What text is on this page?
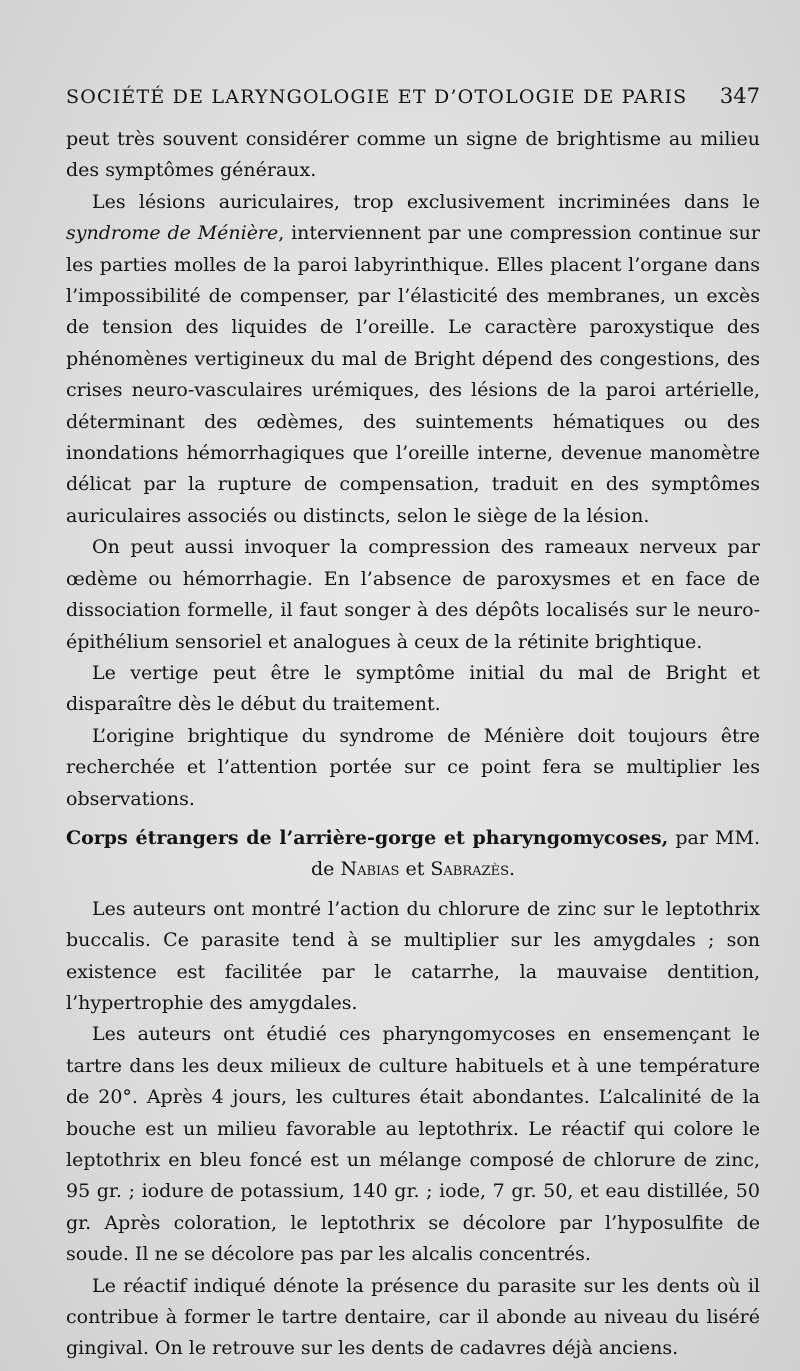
SOCIÉTÉ DE LARYNGOLOGIE ET D’OTOLOGIE DE PARIS 347

peut très souvent considérer comme un signe de brightisme au milieu des symptômes généraux.

Les lésions auriculaires, trop exclusivement incriminées dans le syndrome de Ménière, interviennent par une compression continue sur les parties molles de la paroi labyrinthique. Elles placent l’organe dans l’impossibilité de compenser, par l’élasticité des membranes, un excès de tension des liquides de l’oreille. Le caractère paroxystique des phénomènes vertigineux du mal de Bright dépend des congestions, des crises neuro-vasculaires urémiques, des lésions de la paroi artérielle, déterminant des œdèmes, des suintements hématiques ou des inondations hémorrhagiques que l’oreille interne, devenue manomètre délicat par la rupture de compensation, traduit en des symptômes auriculaires associés ou distincts, selon le siège de la lésion.

On peut aussi invoquer la compression des rameaux nerveux par œdème ou hémorrhagie. En l’absence de paroxysmes et en face de dissociation formelle, il faut songer à des dépôts localisés sur le neuro-épithélium sensoriel et analogues à ceux de la rétinite brightique.

Le vertige peut être le symptôme initial du mal de Bright et disparaître dès le début du traitement.

L’origine brightique du syndrome de Ménière doit toujours être recherchée et l’attention portée sur ce point fera se multiplier les observations.

Corps étrangers de l’arrière-gorge et pharyngomycoses, par MM. de Nabias et Sabrazès.

Les auteurs ont montré l’action du chlorure de zinc sur le leptothrix buccalis. Ce parasite tend à se multiplier sur les amygdales ; son existence est facilitée par le catarrhe, la mauvaise dentition, l’hypertrophie des amygdales.

Les auteurs ont étudié ces pharyngomycoses en ensemençant le tartre dans les deux milieux de culture habituels et à une température de 20°. Après 4 jours, les cultures était abondantes. L’alcalinité de la bouche est un milieu favorable au leptothrix. Le réactif qui colore le leptothrix en bleu foncé est un mélange composé de chlorure de zinc, 95 gr. ; iodure de potassium, 140 gr. ; iode, 7 gr. 50, et eau distillée, 50 gr. Après coloration, le leptothrix se décolore par l’hyposulfite de soude. Il ne se décolore pas par les alcalis concentrés.

Le réactif indiqué dénote la présence du parasite sur les dents où il contribue à former le tartre dentaire, car il abonde au niveau du liséré gingival. On le retrouve sur les dents de cadavres déjà anciens.
